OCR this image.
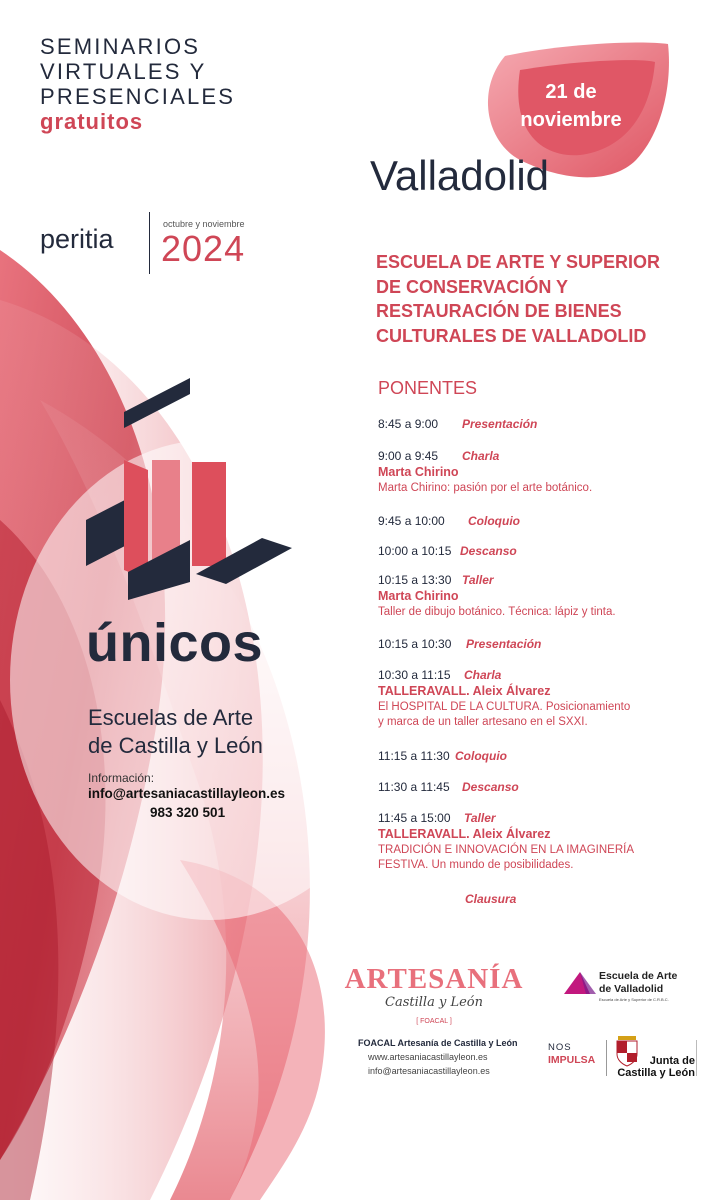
SEMINARIOS
VIRTUALES Y
PRESENCIALES
gratuitos
peritia	octubre y noviembre
2024
únicos
Escuelas de Arte
de Castilla y León
Información:
info@artesaniacastillayleon.es
983 320 501
21 de
noviembre
Valladolid
ESCUELA DE ARTE Y SUPERIOR
DE CONSERVACIÓN Y
RESTAURACIÓN DE BIENES
CULTURALES DE VALLADOLID
PONENTES
8:45 a 9:00 Presentación
9:00 a 9:45 Charla
Marta Chirino
Marta Chirino: pasión por el arte botánico.
9:45 a 10:00 Coloquio
10:00 a 10:15 Descanso
10:15 a 13:30 Taller
Marta Chirino
Taller de dibujo botánico. Técnica: lápiz y tinta.
10:15 a 10:30 Presentación
10:30 a 11:15 Charla
TALLERAVALL. Aleix Álvarez
El HOSPITAL DE LA CULTURA. Posicionamiento
y marca de un taller artesano en el SXXI.
11:15 a 11:30 Coloquio
11:30 a 11:45 Descanso
11:45 a 15:00 Taller
TALLERAVALL. Aleix Álvarez
TRADICIÓN E INNOVACIÓN EN LA IMAGINERÍA
FESTIVA. Un mundo de posibilidades.
Clausura
ARTESANÍA
Castilla y León
[ FOACAL ]
FOACAL Artesanía de Castilla y León
www.artesaniacastillayleon.es
info@artesaniacastillayleon.es
Escuela de Arte
de Valladolid
Escuela de Arte y Superior de C.R.B.C.
NOS
IMPULSA	Junta de
Castilla y León
